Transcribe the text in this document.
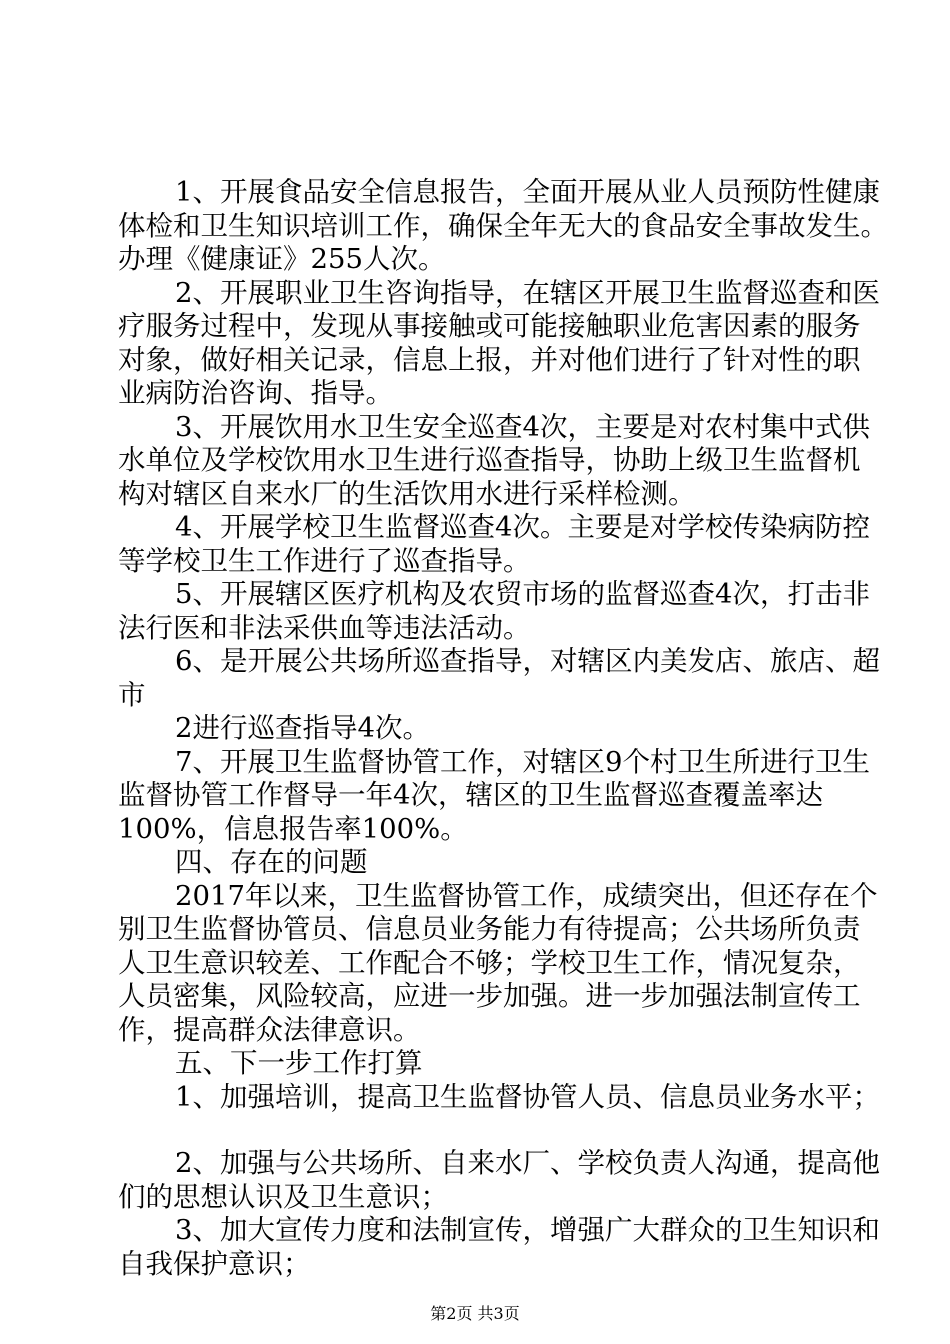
1、开展食品安全信息报告，全面开展从业人员预防性健康
体检和卫生知识培训工作，确保全年无大的食品安全事故发生。
办理《健康证》255人次。
2、开展职业卫生咨询指导，在辖区开展卫生监督巡查和医
疗服务过程中，发现从事接触或可能接触职业危害因素的服务
对象，做好相关记录，信息上报，并对他们进行了针对性的职
业病防治咨询、指导。
3、开展饮用水卫生安全巡查4次，主要是对农村集中式供
水单位及学校饮用水卫生进行巡查指导，协助上级卫生监督机
构对辖区自来水厂的生活饮用水进行采样检测。
4、开展学校卫生监督巡查4次。主要是对学校传染病防控
等学校卫生工作进行了巡查指导。
5、开展辖区医疗机构及农贸市场的监督巡查4次，打击非
法行医和非法采供血等违法活动。
6、是开展公共场所巡查指导，对辖区内美发店、旅店、超
市
2进行巡查指导4次。
7、开展卫生监督协管工作，对辖区9个村卫生所进行卫生
监督协管工作督导一年4次，辖区的卫生监督巡查覆盖率达
100%，信息报告率100%。
四、存在的问题
2017年以来，卫生监督协管工作，成绩突出，但还存在个
别卫生监督协管员、信息员业务能力有待提高；公共场所负责
人卫生意识较差、工作配合不够；学校卫生工作，情况复杂，
人员密集，风险较高，应进一步加强。进一步加强法制宣传工
作，提高群众法律意识。
五、下一步工作打算
1、加强培训，提高卫生监督协管人员、信息员业务水平；
2、加强与公共场所、自来水厂、学校负责人沟通，提高他
们的思想认识及卫生意识；
3、加大宣传力度和法制宣传，增强广大群众的卫生知识和
自我保护意识；
第2页 共3页
